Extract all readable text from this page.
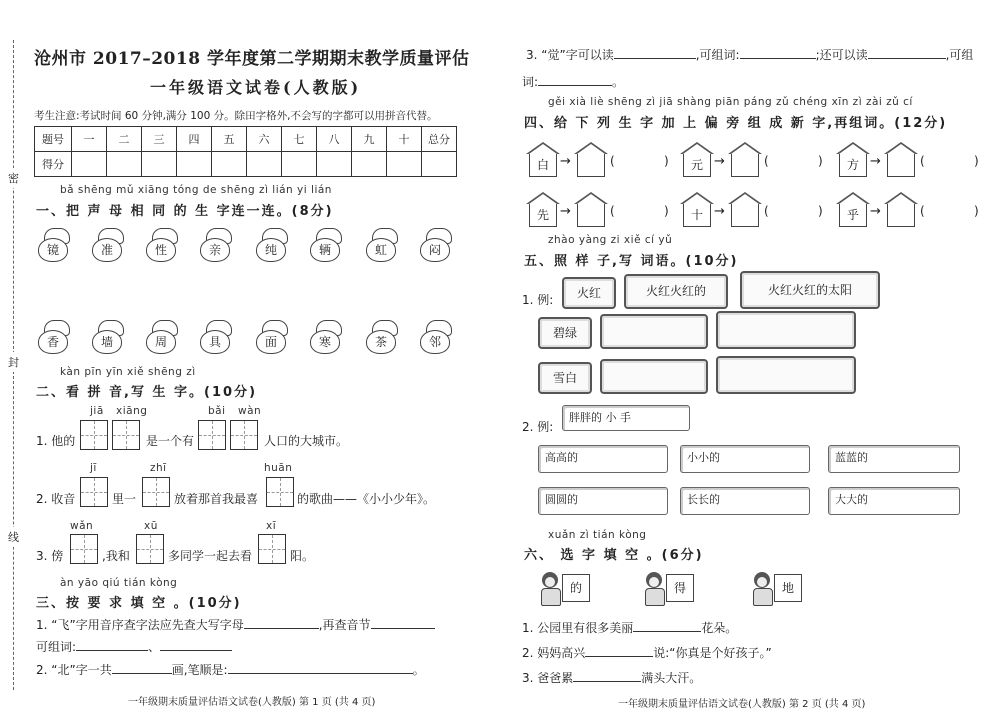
密
封
线
沧州市 2017–2018 学年度第二学期期末教学质量评估
一年级语文试卷(人教版)
考生注意:考试时间 60 分钟,满分 100 分。除田字格外,不会写的字都可以用拼音代替。
题号	一	二	三	四	五	六	七	八	九	十	总分
得分											
bǎ shēng mǔ xiāng tóng de shēng zì lián yi lián
一、把 声 母 相 同 的 生 字连一连。(8分)
镜	准	性	亲	纯	辆	虹	闷
香	墙	周	具	面	寒	茶	邻
kàn pīn yīn xiě shēng zì
二、看 拼 音,写 生 字。(10分)
jiā xiāng	bǎi wàn
1. 他的	是一个有	人口的大城市。
jī	zhī	huān
2. 收音	里一	放着那首我最喜	的歌曲——《小小少年》。
wǎn	xū	xī
3. 傍	,我和	多同学一起去看	阳。
àn yāo qiú tián kòng
三、按 要 求 填 空 。(10分)
1. “飞”字用音序查字法应先查大写字母	,再查音节
可组词:	、
2. “北”字一共	画,笔顺是:	。
一年级期末质量评估语文试卷(人教版) 第 1 页 (共 4 页)
3. “觉”字可以读	,可组词:	;还可以读	,可组
词:	。
gěi xià liè shēng zì jiā shàng piān páng zǔ chéng xīn zì zài zǔ cí
四、给 下 列 生 字 加 上 偏 旁 组 成 新 字,再组词。(12分)
白 →	(	)	元 →	(	)	方 →	(	)
先 →	(	)	十 →	(	)	乎 →	(	)
zhào yàng zi xiě cí yǔ
五、照 样 子,写 词语。(10分)
1. 例:	火红	火红火红的	火红火红的太阳
碧绿
雪白
2. 例:
胖胖的 小 手
高高的	小小的	蓝蓝的
圆圆的	长长的	大大的
xuǎn zì tián kòng
六、 选 字 填 空 。(6分)
的	得	地
1. 公园里有很多美丽	花朵。
2. 妈妈高兴	说:“你真是个好孩子。”
3. 爸爸累	满头大汗。
一年级期末质量评估语文试卷(人教版) 第 2 页 (共 4 页)
